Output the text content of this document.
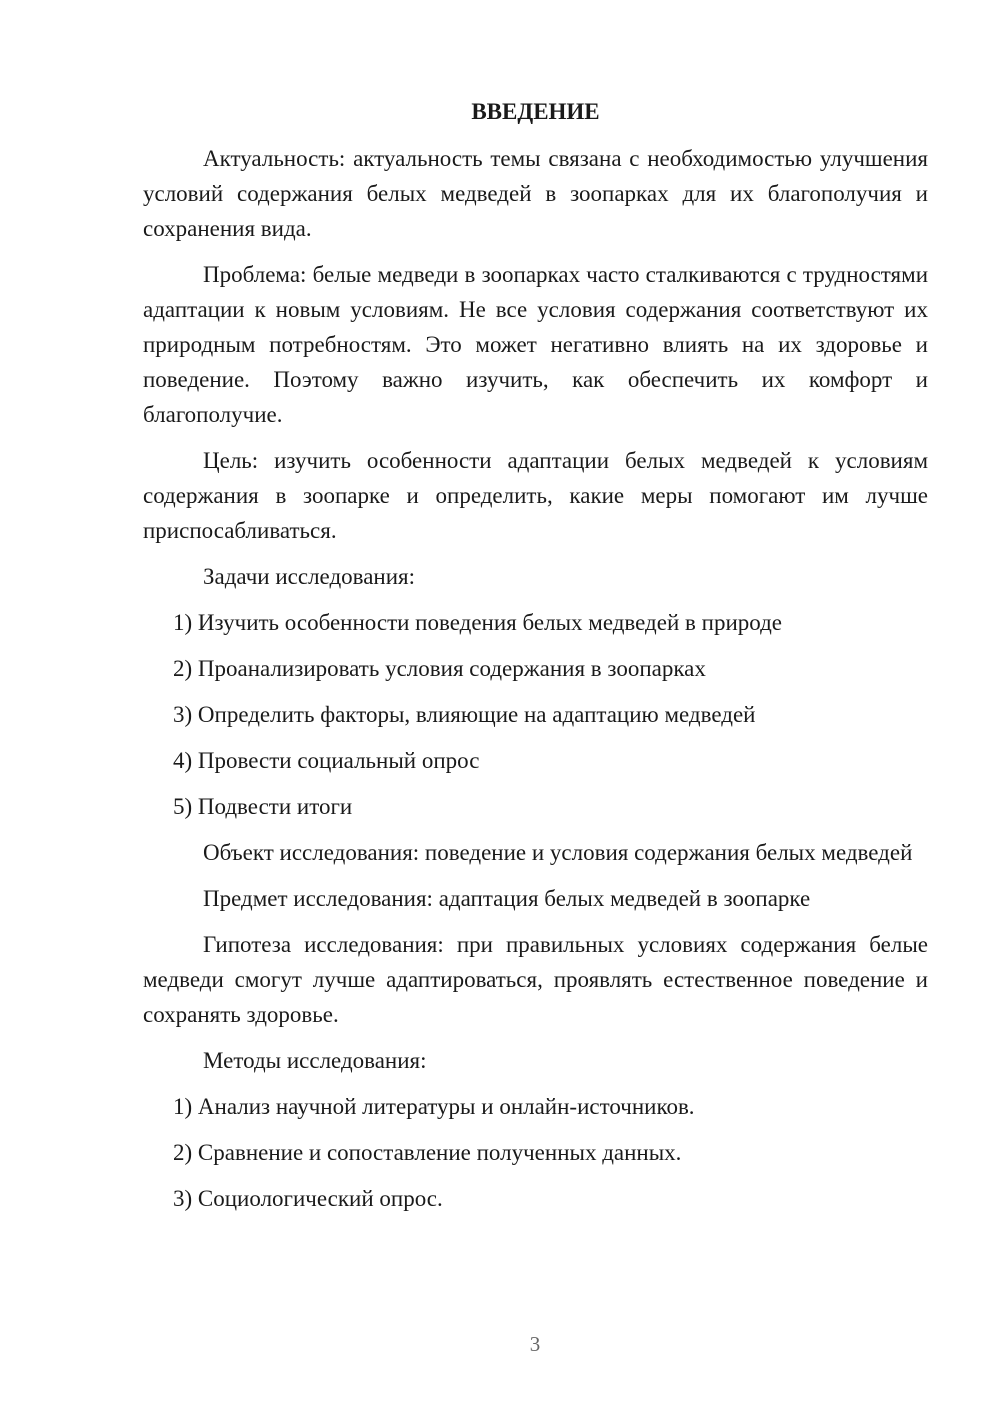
ВВЕДЕНИЕ

Актуальность: актуальность темы связана с необходимостью улучшения условий содержания белых медведей в зоопарках для их благополучия и сохранения вида.

Проблема: белые медведи в зоопарках часто сталкиваются с трудностями адаптации к новым условиям. Не все условия содержания соответствуют их природным потребностям. Это может негативно влиять на их здоровье и поведение. Поэтому важно изучить, как обеспечить их комфорт и благополучие.

Цель: изучить особенности адаптации белых медведей к условиям содержания в зоопарке и определить, какие меры помогают им лучше приспосабливаться.

Задачи исследования:

1) Изучить особенности поведения белых медведей в природе
2) Проанализировать условия содержания в зоопарках
3) Определить факторы, влияющие на адаптацию медведей
4) Провести социальный опрос
5) Подвести итоги

Объект исследования: поведение и условия содержания белых медведей

Предмет исследования: адаптация белых медведей в зоопарке

Гипотеза исследования: при правильных условиях содержания белые медведи смогут лучше адаптироваться, проявлять естественное поведение и сохранять здоровье.

Методы исследования:

1) Анализ научной литературы и онлайн-источников.
2) Сравнение и сопоставление полученных данных.
3) Социологический опрос.
3
